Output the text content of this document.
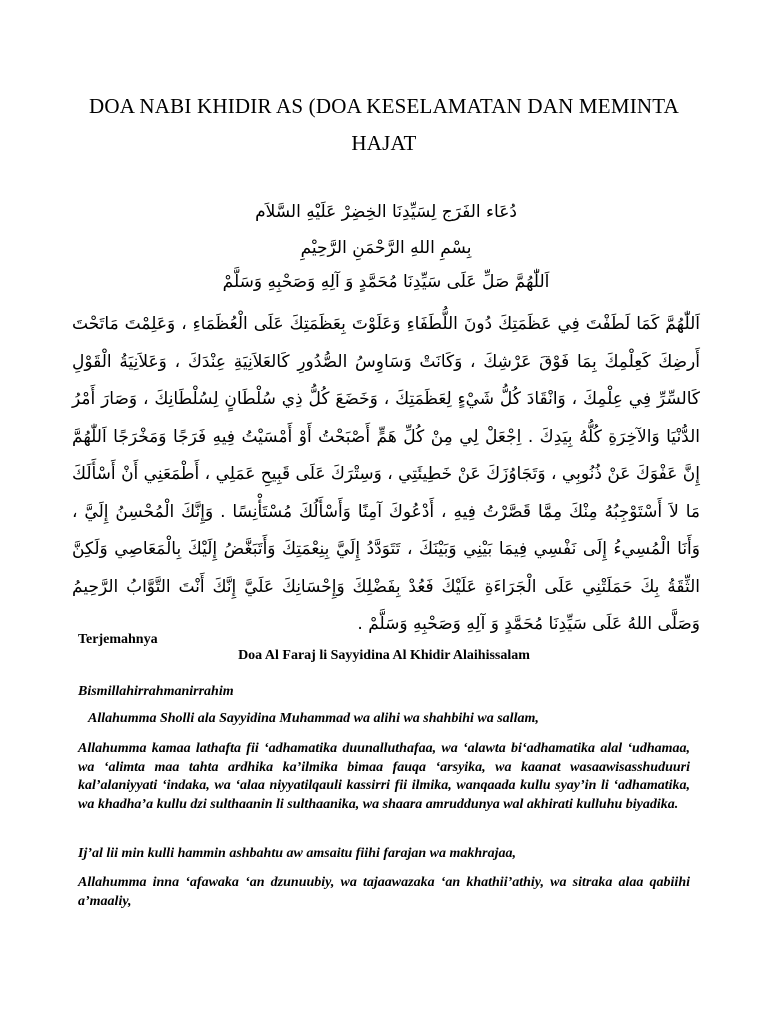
DOA NABI KHIDIR AS (DOA KESELAMATAN DAN MEMINTA HAJAT
دُعَاء الفَرَج لِسَيِّدِنَا الخِضِرْ عَلَيْهِ السَّلاَم
بِسْمِ اللهِ الرَّحْمَنِ الرَّحِيْمِ
اَللّٰهُمَّ صَلِّ عَلَى سَيِّدِنَا مُحَمَّدٍ وَ آلِهِ وَصَحْبِهِ وَسَلَّمْ
اَللّٰهُمَّ كَمَا لَطَفْتَ فِي عَظَمَتِكَ دُونَ اللُّطَفَاءِ وَعَلَوْتَ بِعَظَمَتِكَ عَلَى الْعُظَمَاءِ ، وَعَلِمْتَ مَاتَحْتَ أَرضِكَ كَعِلْمِكَ بِمَا فَوْقَ عَرْشِكَ ، وَكَانَتْ وَسَاوِسُ الصُّدُورِ كَالعَلاَنِيَةِ عِنْدَكَ ، وَعَلاَنِيَةُ الْقَوْلِ كَالسِّرِّ فِي عِلْمِكَ ، وَانْقَادَ كُلُّ شَيْءٍ لِعَظَمَتِكَ ، وَخَضَعَ كُلُّ ذِي سُلْطَانٍ لِسُلْطَانِكَ ، وَصَارَ أَمْرُ الدُّنْيَا وَالآخِرَةِ كُلُّهُ بِيَدِكَ . اِجْعَلْ لِي مِنْ كُلِّ هَمٍّ أَصْبَحْتُ أَوْ أَمْسَيْتُ فِيهِ فَرَجًا وَمَخْرَجًا اَللّٰهُمَّ إِنَّ عَفْوَكَ عَنْ ذُنُوبِي ، وَتَجَاوُزَكَ عَنْ خَطِيئَتِي ، وَسِتْرَكَ عَلَى قَبِيحِ عَمَلِي ، أَطْمَعَنِي أَنْ أَسْأَلَكَ مَا لاَ أَسْتَوْجِبُهُ مِنْكَ مِمَّا قَصَّرْتُ فِيهِ ، أَدْعُوكَ آمِنًا وَأَسْأَلُكَ مُسْتَأْنِسًا . وَإِنَّكَ الْمُحْسِنُ إِلَيَّ ، وَأَنَا الْمُسِيءُ إِلَى نَفْسِي فِيمَا بَيْنِي وَبَيْنَكَ ، تَتَوَدَّدُ إِلَيَّ بِنِعْمَتِكَ وَأَتَبَغَّضُ إِلَيْكَ بِالْمَعَاصِي وَلَكِنَّ الثِّقَةُ بِكَ حَمَلَتْنِي عَلَى الْجَرَاءَةِ عَلَيْكَ فَعُدْ بِفَضْلِكَ وَإِحْسَانِكَ عَلَيَّ إِنَّكَ أَنْتَ التَّوَّابُ الرَّحِيمُ وَصَلَّى اللهُ عَلَى سَيِّدِنَا مُحَمَّدٍ وَ آلِهِ وَصَحْبِهِ وَسَلَّمْ .
Terjemahnya
Doa Al Faraj li Sayyidina Al Khidir Alaihissalam

Bismillahirrahmanirrahim

Allahumma Sholli ala Sayyidina Muhammad wa alihi wa shahbihi wa sallam,

Allahumma kamaa lathafta fii ‘adhamatika duunalluthafaa, wa ‘alawta bi‘adhamatika alal ‘udhamaa, wa ‘alimta maa tahta ardhika ka’ilmika bimaa fauqa ‘arsyika, wa kaanat wasaawisasshuduuri kal’alaniyyati ‘indaka, wa ‘alaa niyyatilqauli kassirri fii ilmika, wanqaada kullu syay’in li ‘adhamatika, wa khadha’a kullu dzi sulthaanin li sulthaanika, wa shaara amruddunya wal akhirati kulluhu biyadika.

Ij’al lii min kulli hammin ashbahtu aw amsaitu fiihi farajan wa makhrajaa,

Allahumma inna ‘afawaka ‘an dzunuubiy, wa tajaawazaka ‘an khathii’athiy, wa sitraka alaa qabiihi a’maaliy,
